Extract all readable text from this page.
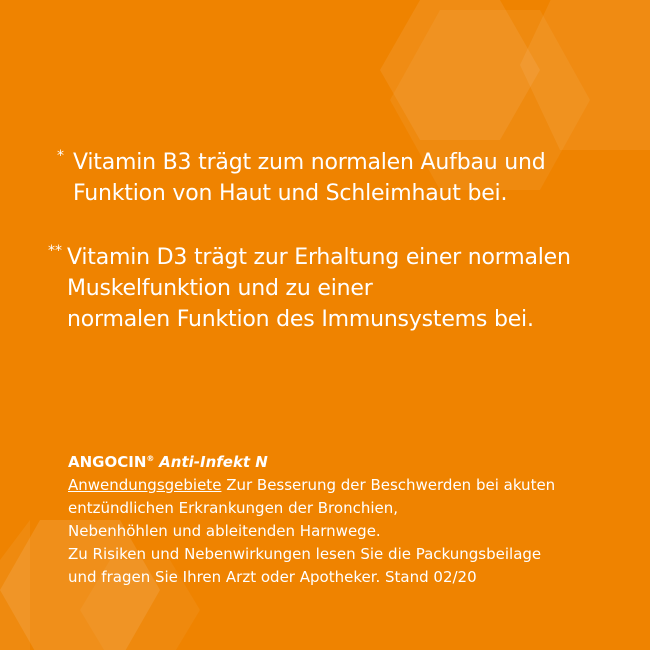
* Vitamin B3 trägt zum normalen Aufbau und
Funktion von Haut und Schleimhaut bei.
** Vitamin D3 trägt zur Erhaltung einer normalen
Muskelfunktion und zu einer
normalen Funktion des Immunsystems bei.
ANGOCIN® Anti-Infekt N
Anwendungsgebiete Zur Besserung der Beschwerden bei akuten
entzündlichen Erkrankungen der Bronchien,
Nebenhöhlen und ableitenden Harnwege.
Zu Risiken und Nebenwirkungen lesen Sie die Packungsbeilage
und fragen Sie Ihren Arzt oder Apotheker. Stand 02/20
